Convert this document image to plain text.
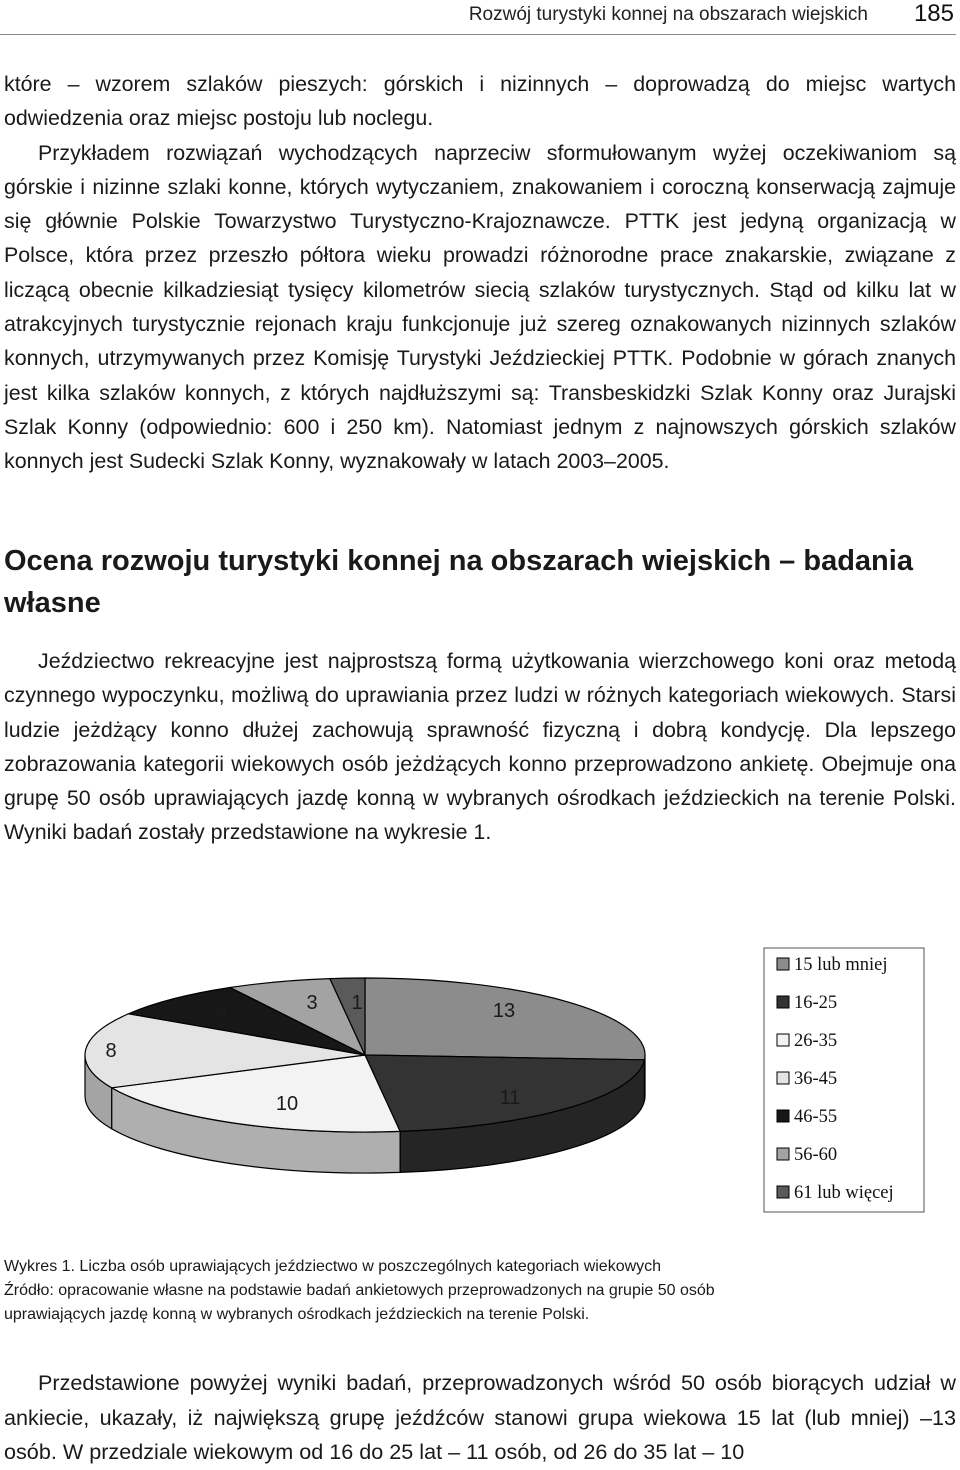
Rozwój turystyki konnej na obszarach wiejskich 185
które – wzorem szlaków pieszych: górskich i nizinnych – doprowadzą do miejsc wartych odwiedzenia oraz miejsc postoju lub noclegu.
Przykładem rozwiązań wychodzących naprzeciw sformułowanym wyżej oczekiwaniom są górskie i nizinne szlaki konne, których wytyczaniem, znakowaniem i coroczną konserwacją zajmuje się głównie Polskie Towarzystwo Turystyczno-Krajoznawcze. PTTK jest jedyną organizacją w Polsce, która przez przeszło półtora wieku prowadzi różnorodne prace znakarskie, związane z liczącą obecnie kilkadziesiąt tysięcy kilometrów siecią szlaków turystycznych. Stąd od kilku lat w atrakcyjnych turystycznie rejonach kraju funkcjonuje już szereg oznakowanych nizinnych szlaków konnych, utrzymywanych przez Komisję Turystyki Jeździeckiej PTTK. Podobnie w górach znanych jest kilka szlaków konnych, z których najdłuższymi są: Transbeskidzki Szlak Konny oraz Jurajski Szlak Konny (odpowiednio: 600 i 250 km). Natomiast jednym z najnowszych górskich szlaków konnych jest Sudecki Szlak Konny, wyznakowały w latach 2003–2005.
Ocena rozwoju turystyki konnej na obszarach wiejskich – badania własne
Jeździectwo rekreacyjne jest najprostszą formą użytkowania wierzchowego koni oraz metodą czynnego wypoczynku, możliwą do uprawiania przez ludzi w różnych kategoriach wiekowych. Starsi ludzie jeżdżący konno dłużej zachowują sprawność fizyczną i dobrą kondycję. Dla lepszego zobrazowania kategorii wiekowych osób jeżdżących konno przeprowadzono ankietę. Obejmuje ona grupę 50 osób uprawiających jazdę konną w wybranych ośrodkach jeździeckich na terenie Polski. Wyniki badań zostały przedstawione na wykresie 1.
13
11
10
8
4	3 1
15 lub mniej
16-25
26-35
36-45
46-55
56-60
61 lub więcej
Wykres 1. Liczba osób uprawiających jeździectwo w poszczególnych kategoriach wiekowych
Źródło: opracowanie własne na podstawie badań ankietowych przeprowadzonych na grupie 50 osób
uprawiających jazdę konną w wybranych ośrodkach jeździeckich na terenie Polski.
Przedstawione powyżej wyniki badań, przeprowadzonych wśród 50 osób biorących udział w ankiecie, ukazały, iż największą grupę jeźdźców stanowi grupa wiekowa 15 lat (lub mniej) –13 osób. W przedziale wiekowym od 16 do 25 lat – 11 osób, od 26 do 35 lat – 10
